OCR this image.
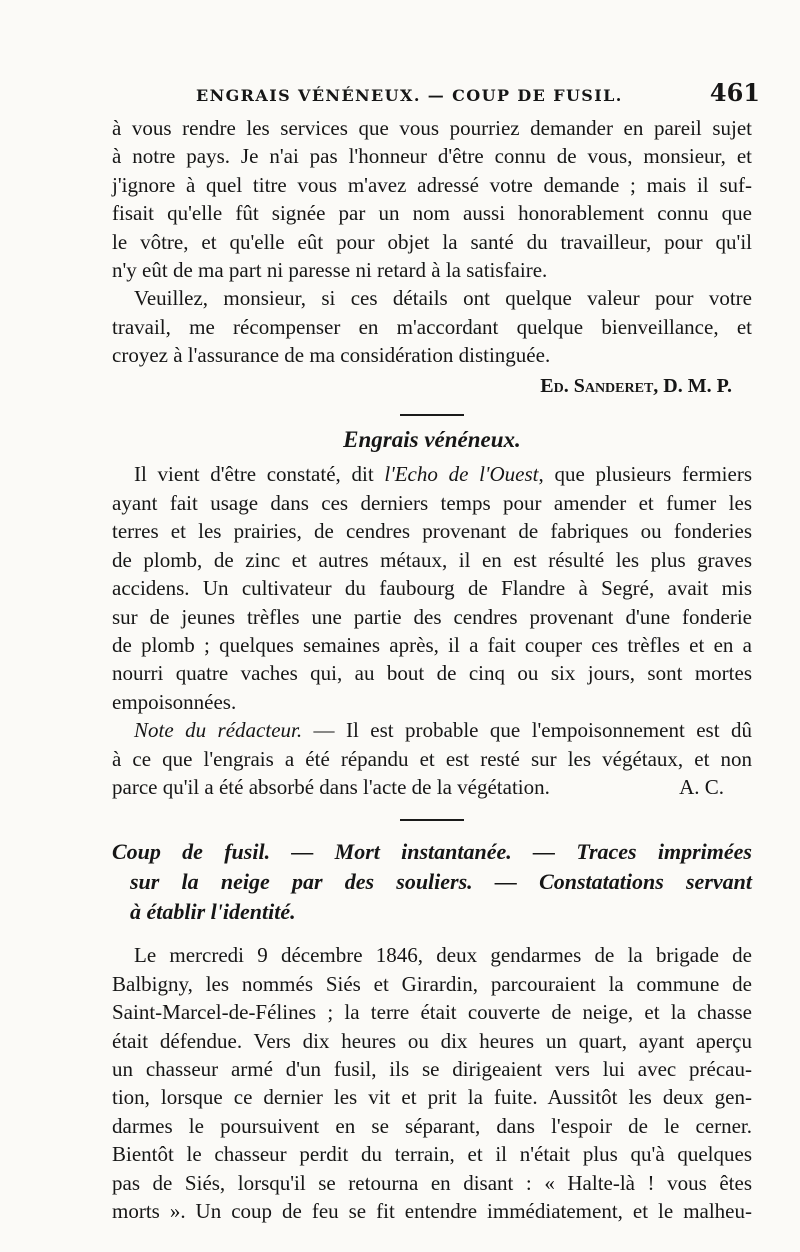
ENGRAIS VÉNÉNEUX. — COUP DE FUSIL.	461

à vous rendre les services que vous pourriez demander en pareil sujet
à notre pays. Je n'ai pas l'honneur d'être connu de vous, monsieur, et
j'ignore à quel titre vous m'avez adressé votre demande ; mais il suf-
fisait qu'elle fût signée par un nom aussi honorablement connu que
le vôtre, et qu'elle eût pour objet la santé du travailleur, pour qu'il
n'y eût de ma part ni paresse ni retard à la satisfaire.

Veuillez, monsieur, si ces détails ont quelque valeur pour votre
travail, me récompenser en m'accordant quelque bienveillance, et
croyez à l'assurance de ma considération distinguée.

Ed. Sanderet, D. M. P.
Engrais vénéneux.

Il vient d'être constaté, dit l'Echo de l'Ouest, que plusieurs fermiers
ayant fait usage dans ces derniers temps pour amender et fumer les
terres et les prairies, de cendres provenant de fabriques ou fonderies
de plomb, de zinc et autres métaux, il en est résulté les plus graves
accidens. Un cultivateur du faubourg de Flandre à Segré, avait mis
sur de jeunes trèfles une partie des cendres provenant d'une fonderie
de plomb ; quelques semaines après, il a fait couper ces trèfles et en a
nourri quatre vaches qui, au bout de cinq ou six jours, sont mortes
empoisonnées.

Note du rédacteur. — Il est probable que l'empoisonnement est dû
à ce que l'engrais a été répandu et est resté sur les végétaux, et non
parce qu'il a été absorbé dans l'acte de la végétation.	A. C.

Coup de fusil. — Mort instantanée. — Traces imprimées
sur la neige par des souliers. — Constatations servant
à établir l'identité.

Le mercredi 9 décembre 1846, deux gendarmes de la brigade de
Balbigny, les nommés Siés et Girardin, parcouraient la commune de
Saint-Marcel-de-Félines ; la terre était couverte de neige, et la chasse
était défendue. Vers dix heures ou dix heures un quart, ayant aperçu
un chasseur armé d'un fusil, ils se dirigeaient vers lui avec précau-
tion, lorsque ce dernier les vit et prit la fuite. Aussitôt les deux gen-
darmes le poursuivent en se séparant, dans l'espoir de le cerner.
Bientôt le chasseur perdit du terrain, et il n'était plus qu'à quelques
pas de Siés, lorsqu'il se retourna en disant : « Halte-là ! vous êtes
morts ». Un coup de feu se fit entendre immédiatement, et le malheu-
